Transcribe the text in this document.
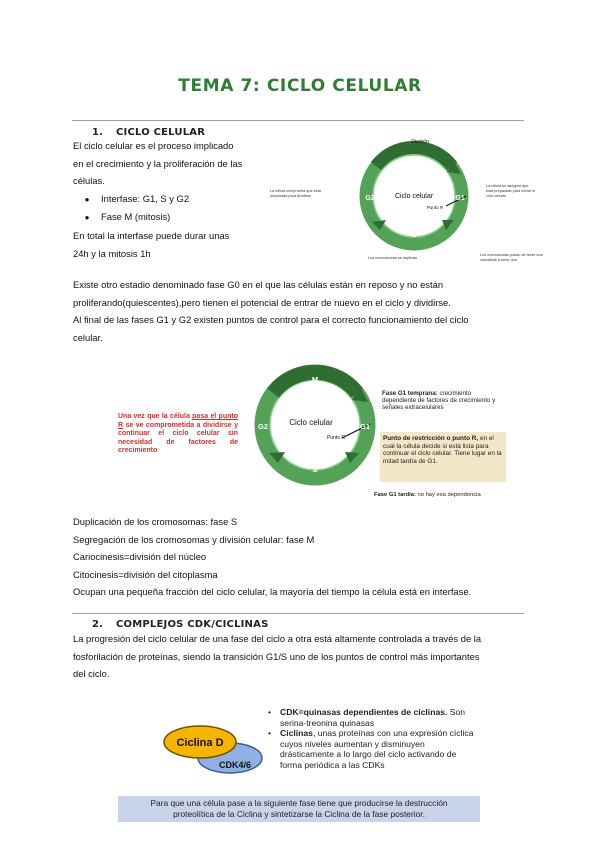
TEMA 7: CICLO CELULAR
1. CICLO CELULAR
El ciclo celular es el proceso implicado
en el crecimiento y la proliferación de las
células.
● Interfase: G1, S y G2
● Fase M (mitosis)
En total la interfase puede durar unas
24h y la mitosis 1h
M
G1
S
G2	Ciclo celular
Punto R
División
La célula comprueba que está
preparada para dividirse
La célula se asegura que
está preparada para iniciar el
ciclo celular
Los cromosomas se duplican
Los cromosomas pasan de tener una
cromátida a tener dos
Existe otro estadio denominado fase G0 en el que las células están en reposo y no están
proliferando(quiescentes),pero tienen el potencial de entrar de nuevo en el ciclo y dividirse.
Al final de las fases G1 y G2 existen puntos de control para el correcto funcionamiento del ciclo
celular.
M
G1
S
G2	Ciclo celular
Punto R
Una vez que la célula pasa el punto R se ve comprometida a dividirse y continuar el ciclo celular sin necesidad de factores de crecimiento
Fase G1 temprana: crecimiento dependiente de factores de crecimiento y señales extracelulares
Punto de restricción o punto R, en el cual la célula decide si está lista para continuar el ciclo celular. Tiene lugar en la mitad tardía de G1.
Fase G1 tardía: no hay esa dependencia
Duplicación de los cromosomas: fase S
Segregación de los cromosomas y división celular: fase M
Cariocinesis=división del núcleo
Citocinesis=división del citoplasma
Ocupan una pequeña fracción del ciclo celular, la mayoría del tiempo la célula está en interfase.
2. COMPLEJOS CDK/CICLINAS
La progresión del ciclo celular de una fase del ciclo a otra está altamente controlada a través de la
fosforilación de proteínas, siendo la transición G1/S uno de los puntos de control más importantes
del ciclo.
Ciclina D
CDK4/6
• CDK=quinasas dependientes de ciclinas. Son serina-treonina quinasas
• Ciclinas, unas proteínas con una expresión cíclica cuyos niveles aumentan y disminuyen drásticamente a lo largo del ciclo activando de forma periódica a las CDKs
Para que una célula pase a la siguiente fase tiene que producirse la destrucción
proteolítica de la Ciclina y sintetizarse la Ciclina de la fase posterior.
